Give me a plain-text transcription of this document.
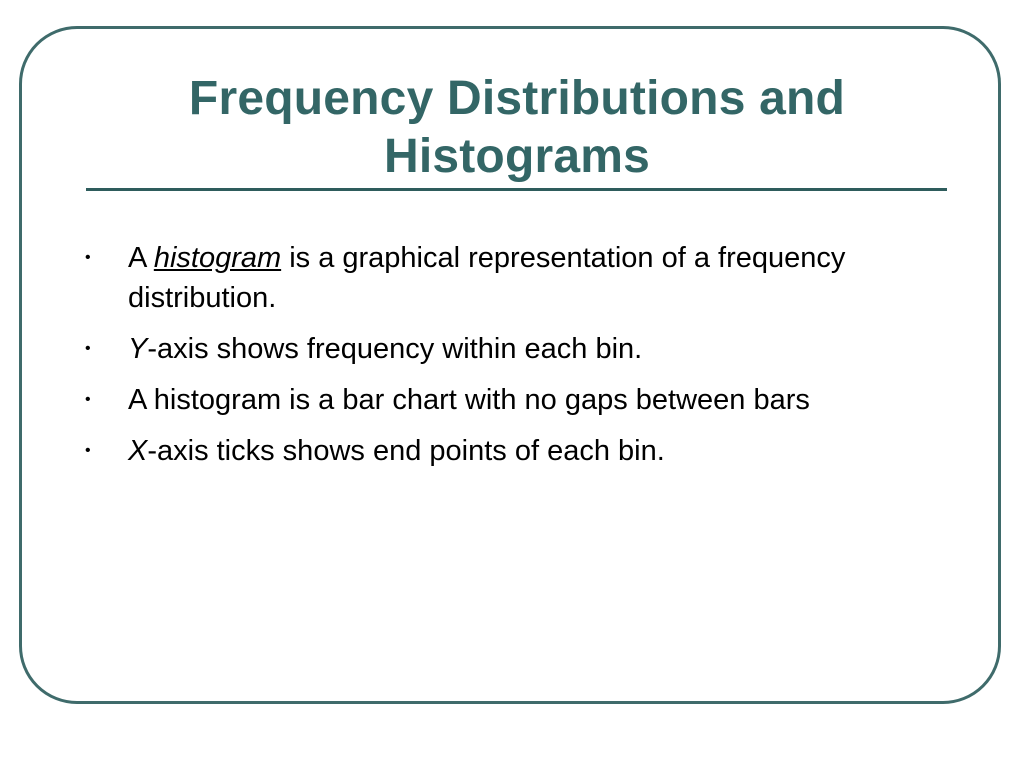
Frequency Distributions and Histograms
• A histogram is a graphical representation of a frequency distribution.
• Y-axis shows frequency within each bin.
• A histogram is a bar chart with no gaps between bars
• X-axis ticks shows end points of each bin.
